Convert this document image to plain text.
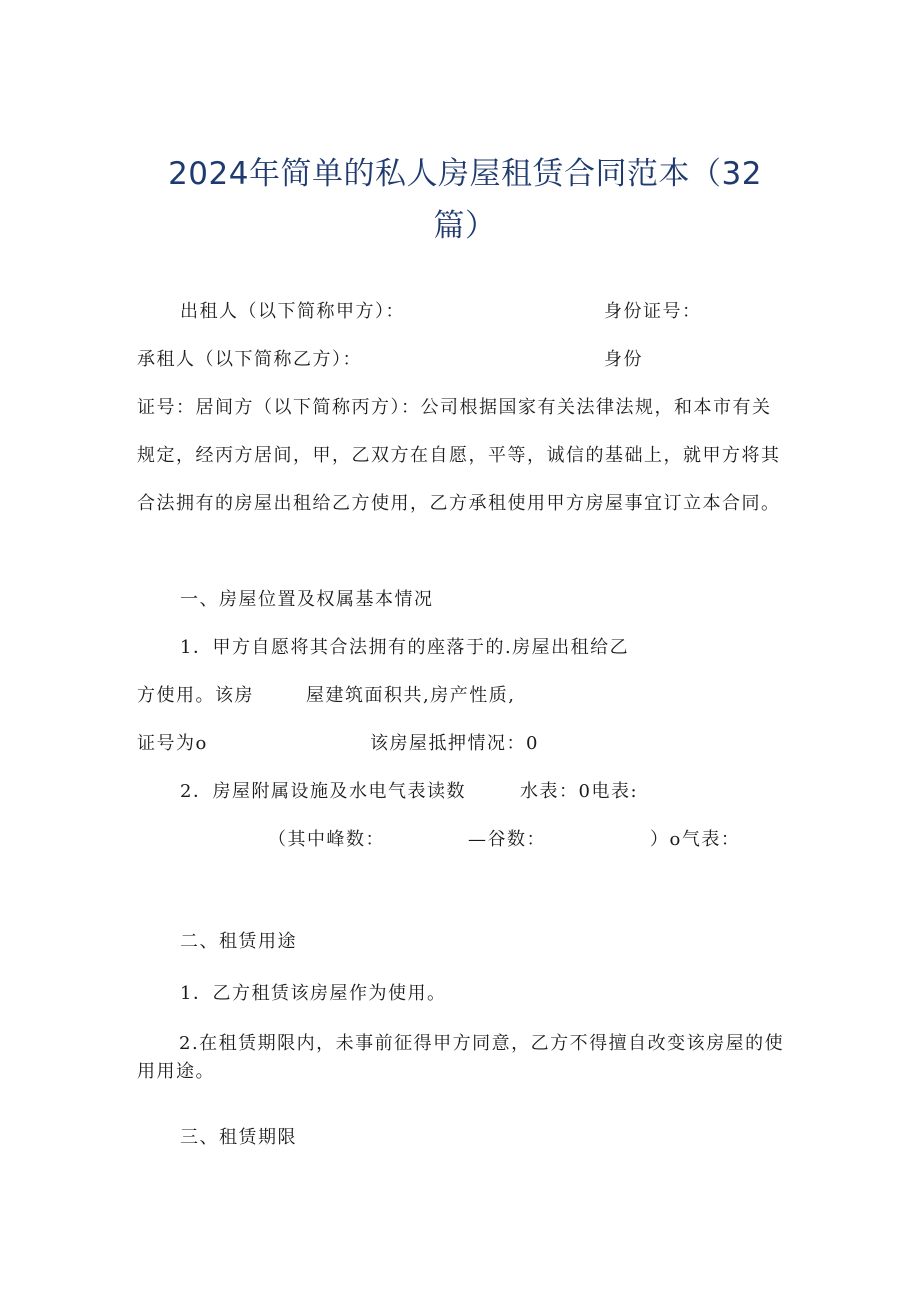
2024年简单的私人房屋租赁合同范本（32篇）
出租人（以下简称甲方）：	身份证号：
承租人（以下简称乙方）：	身份
证号：居间方（以下简称丙方）：公司根据国家有关法律法规，和本市有关规定，经丙方居间，甲，乙双方在自愿，平等，诚信的基础上，就甲方将其合法拥有的房屋出租给乙方使用，乙方承租使用甲方房屋事宜订立本合同。
一、房屋位置及权属基本情况
1．甲方自愿将其合法拥有的座落于的.房屋出租给乙
方使用。该房	屋建筑面积共,房产性质,
证号为o	该房屋抵押情况：0
2．房屋附属设施及水电气表读数	水表：0电表:
（其中峰数：	—谷数：	）o气表：
二、租赁用途
1．乙方租赁该房屋作为使用。
2.在租赁期限内，未事前征得甲方同意，乙方不得擅自改变该房屋的使用用途。
三、租赁期限
